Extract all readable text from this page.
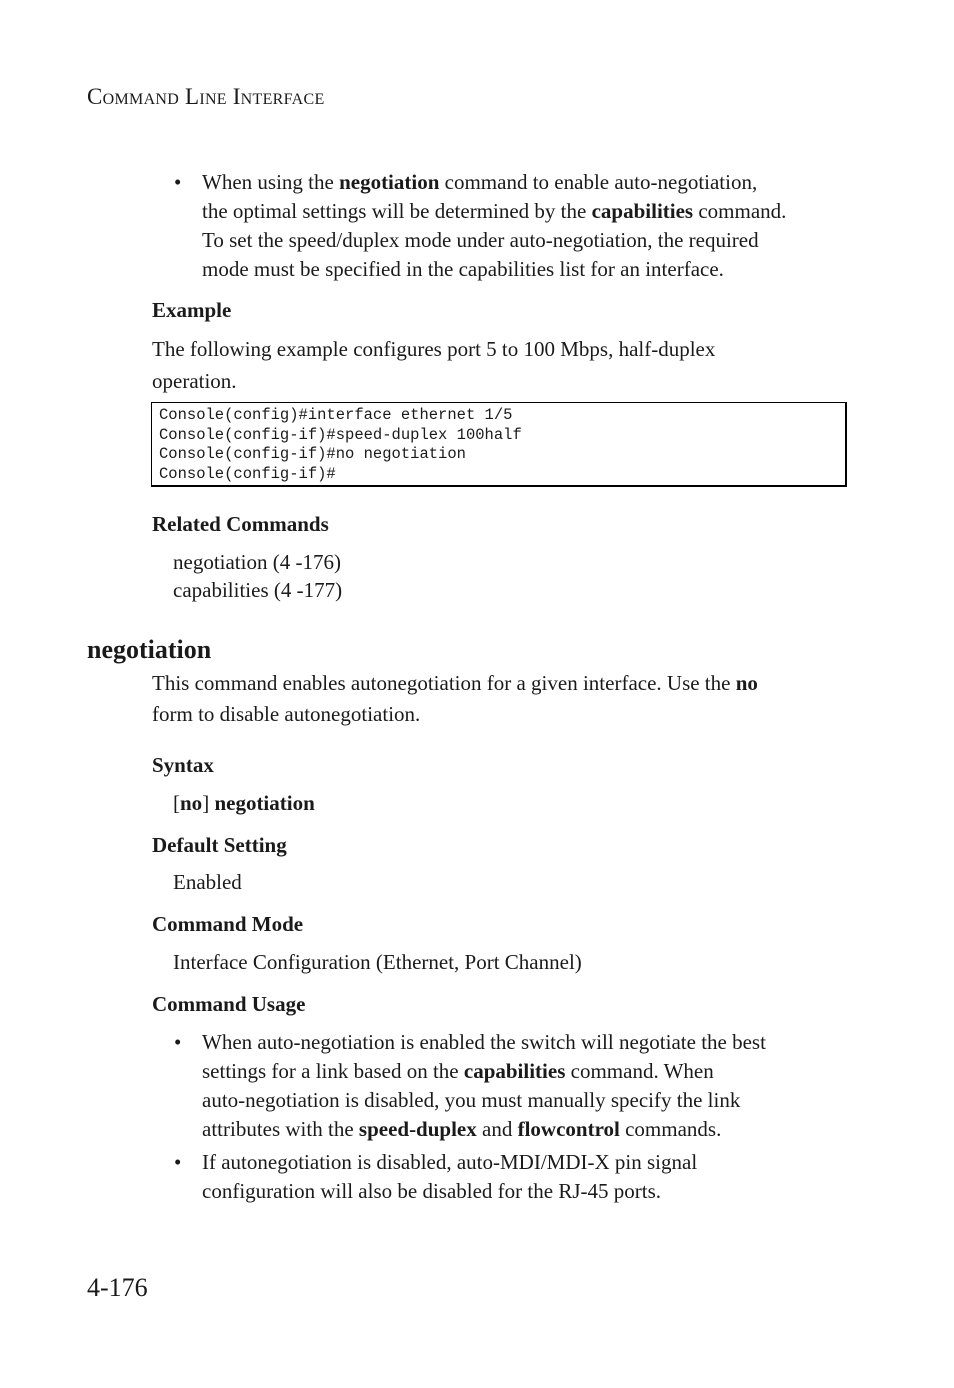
COMMAND LINE INTERFACE
• When using the negotiation command to enable auto-negotiation,
the optimal settings will be determined by the capabilities command.
To set the speed/duplex mode under auto-negotiation, the required
mode must be specified in the capabilities list for an interface.
Example
The following example configures port 5 to 100 Mbps, half-duplex
operation.
Console(config)#interface ethernet 1/5
Console(config-if)#speed-duplex 100half
Console(config-if)#no negotiation
Console(config-if)#
Related Commands
negotiation (4 -176)
capabilities (4 -177)
negotiation
This command enables autonegotiation for a given interface. Use the no
form to disable autonegotiation.
Syntax
[no] negotiation
Default Setting
Enabled
Command Mode
Interface Configuration (Ethernet, Port Channel)
Command Usage
• When auto-negotiation is enabled the switch will negotiate the best
settings for a link based on the capabilities command. When
auto-negotiation is disabled, you must manually specify the link
attributes with the speed-duplex and flowcontrol commands.
• If autonegotiation is disabled, auto-MDI/MDI-X pin signal
configuration will also be disabled for the RJ-45 ports.
4-176
